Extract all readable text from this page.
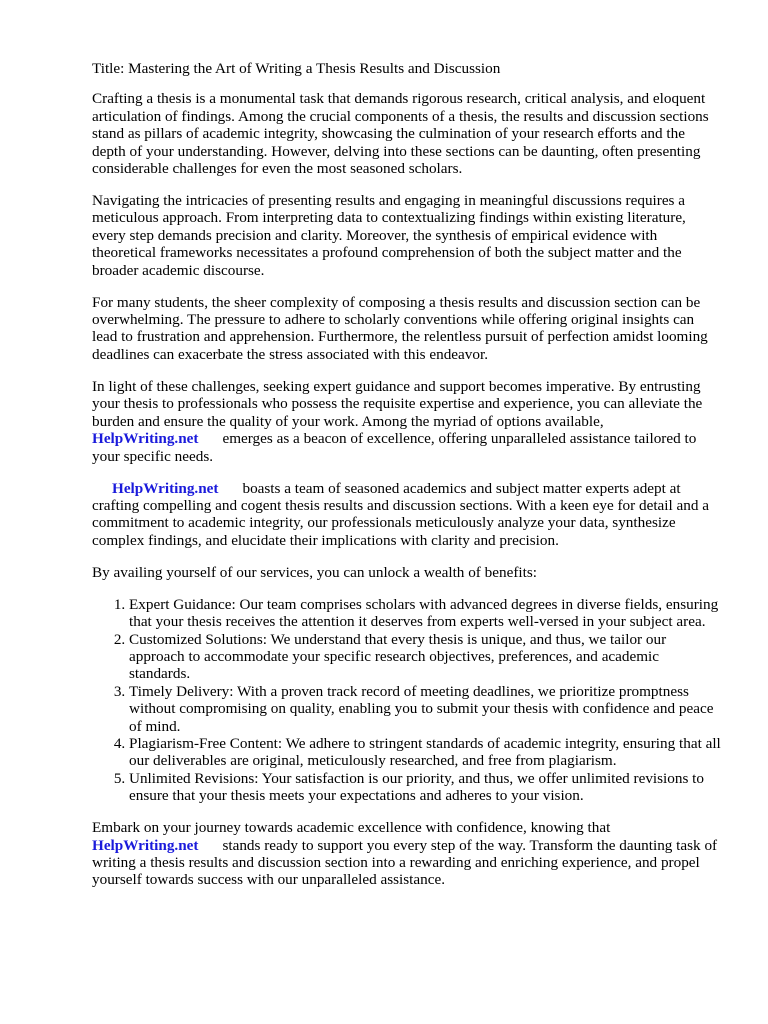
Title: Mastering the Art of Writing a Thesis Results and Discussion

Crafting a thesis is a monumental task that demands rigorous research, critical analysis, and eloquent articulation of findings. Among the crucial components of a thesis, the results and discussion sections stand as pillars of academic integrity, showcasing the culmination of your research efforts and the depth of your understanding. However, delving into these sections can be daunting, often presenting considerable challenges for even the most seasoned scholars.

Navigating the intricacies of presenting results and engaging in meaningful discussions requires a meticulous approach. From interpreting data to contextualizing findings within existing literature, every step demands precision and clarity. Moreover, the synthesis of empirical evidence with theoretical frameworks necessitates a profound comprehension of both the subject matter and the broader academic discourse.

For many students, the sheer complexity of composing a thesis results and discussion section can be overwhelming. The pressure to adhere to scholarly conventions while offering original insights can lead to frustration and apprehension. Furthermore, the relentless pursuit of perfection amidst looming deadlines can exacerbate the stress associated with this endeavor.

In light of these challenges, seeking expert guidance and support becomes imperative. By entrusting your thesis to professionals who possess the requisite expertise and experience, you can alleviate the burden and ensure the quality of your work. Among the myriad of options available,
HelpWriting.net emerges as a beacon of excellence, offering unparalleled assistance tailored to your specific needs.

HelpWriting.net boasts a team of seasoned academics and subject matter experts adept at crafting compelling and cogent thesis results and discussion sections. With a keen eye for detail and a commitment to academic integrity, our professionals meticulously analyze your data, synthesize complex findings, and elucidate their implications with clarity and precision.

By availing yourself of our services, you can unlock a wealth of benefits:

1. Expert Guidance: Our team comprises scholars with advanced degrees in diverse fields, ensuring that your thesis receives the attention it deserves from experts well-versed in your subject area.
2. Customized Solutions: We understand that every thesis is unique, and thus, we tailor our approach to accommodate your specific research objectives, preferences, and academic standards.
3. Timely Delivery: With a proven track record of meeting deadlines, we prioritize promptness without compromising on quality, enabling you to submit your thesis with confidence and peace of mind.
4. Plagiarism-Free Content: We adhere to stringent standards of academic integrity, ensuring that all our deliverables are original, meticulously researched, and free from plagiarism.
5. Unlimited Revisions: Your satisfaction is our priority, and thus, we offer unlimited revisions to ensure that your thesis meets your expectations and adheres to your vision.

Embark on your journey towards academic excellence with confidence, knowing that
HelpWriting.net stands ready to support you every step of the way. Transform the daunting task of writing a thesis results and discussion section into a rewarding and enriching experience, and propel yourself towards success with our unparalleled assistance.
